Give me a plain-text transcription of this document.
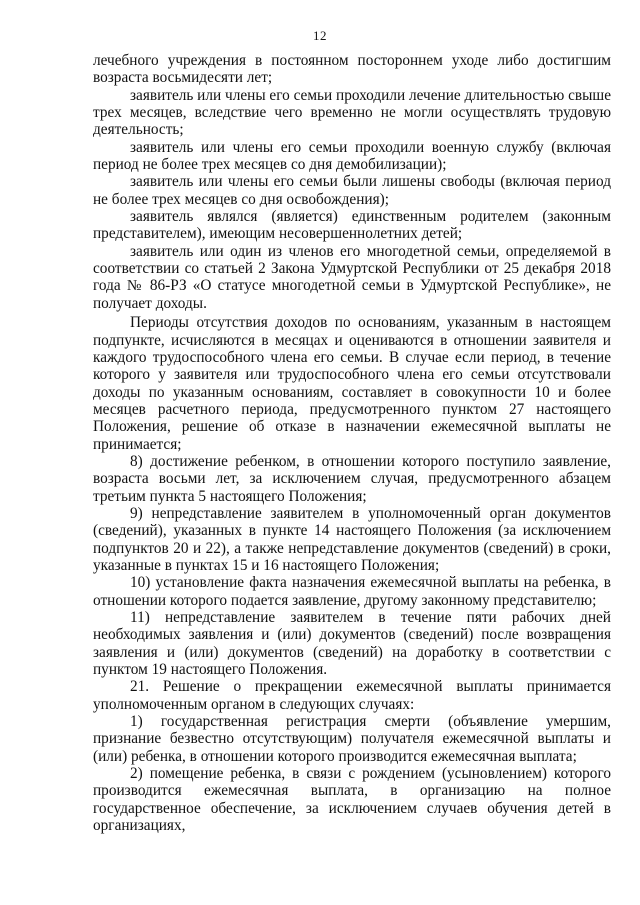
12

лечебного учреждения в постоянном постороннем уходе либо достигшим возраста восьмидесяти лет;

заявитель или члены его семьи проходили лечение длительностью свыше трех месяцев, вследствие чего временно не могли осуществлять трудовую деятельность;

заявитель или члены его семьи проходили военную службу (включая период не более трех месяцев со дня демобилизации);

заявитель или члены его семьи были лишены свободы (включая период не более трех месяцев со дня освобождения);

заявитель являлся (является) единственным родителем (законным представителем), имеющим несовершеннолетних детей;

заявитель или один из членов его многодетной семьи, определяемой в соответствии со статьей 2 Закона Удмуртской Республики от 25 декабря 2018 года № 86-РЗ «О статусе многодетной семьи в Удмуртской Республике», не получает доходы.

Периоды отсутствия доходов по основаниям, указанным в настоящем подпункте, исчисляются в месяцах и оцениваются в отношении заявителя и каждого трудоспособного члена его семьи. В случае если период, в течение которого у заявителя или трудоспособного члена его семьи отсутствовали доходы по указанным основаниям, составляет в совокупности 10 и более месяцев расчетного периода, предусмотренного пунктом 27 настоящего Положения, решение об отказе в назначении ежемесячной выплаты не принимается;

8) достижение ребенком, в отношении которого поступило заявление, возраста восьми лет, за исключением случая, предусмотренного абзацем третьим пункта 5 настоящего Положения;

9) непредставление заявителем в уполномоченный орган документов (сведений), указанных в пункте 14 настоящего Положения (за исключением подпунктов 20 и 22), а также непредставление документов (сведений) в сроки, указанные в пунктах 15 и 16 настоящего Положения;

10) установление факта назначения ежемесячной выплаты на ребенка, в отношении которого подается заявление, другому законному представителю;

11) непредставление заявителем в течение пяти рабочих дней необходимых заявления и (или) документов (сведений) после возвращения заявления и (или) документов (сведений) на доработку в соответствии с пунктом 19 настоящего Положения.

21. Решение о прекращении ежемесячной выплаты принимается уполномоченным органом в следующих случаях:

1) государственная регистрация смерти (объявление умершим, признание безвестно отсутствующим) получателя ежемесячной выплаты и (или) ребенка, в отношении которого производится ежемесячная выплата;

2) помещение ребенка, в связи с рождением (усыновлением) которого производится ежемесячная выплата, в организацию на полное государственное обеспечение, за исключением случаев обучения детей в организациях,
